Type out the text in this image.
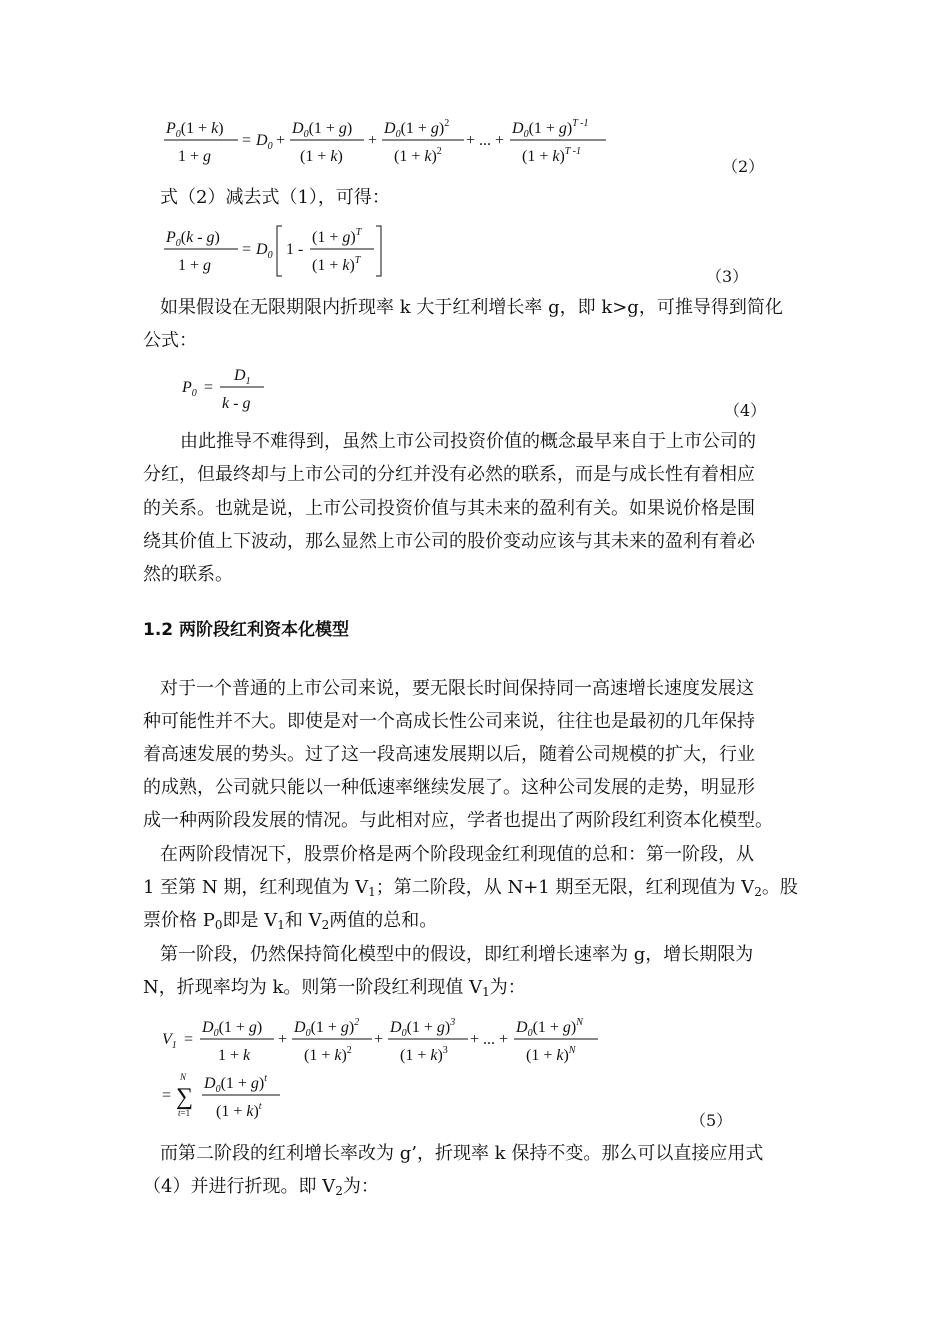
$P_0(1 + k)$
1 + g
= $D_0$ +
$D_0(1 + g)$
(1 + k)
+
$D_0(1 + g)^2$
$(1 + k)^2$
+ ... +
$D_0(1 + g)^{T -1}$
$(1 + k)^{T -1}$
（2）
式（2）减去式（1），可得：
$P_0(k - g)$
1 + g
= $D_0$ 1 -
$(1 + g)^T$
$(1 + k)^T$
（3）
如果假设在无限期限内折现率 k 大于红利增长率 g，即 k>g，可推导得到简化
公式：
$P_0$ =
$D_1$
k - g	（4）
由此推导不难得到，虽然上市公司投资价值的概念最早来自于上市公司的
分红，但最终却与上市公司的分红并没有必然的联系，而是与成长性有着相应
的关系。也就是说，上市公司投资价值与其未来的盈利有关。如果说价格是围
绕其价值上下波动，那么显然上市公司的股价变动应该与其未来的盈利有着必
然的联系。
1.2 两阶段红利资本化模型
对于一个普通的上市公司来说，要无限长时间保持同一高速增长速度发展这
种可能性并不大。即使是对一个高成长性公司来说，往往也是最初的几年保持
着高速发展的势头。过了这一段高速发展期以后，随着公司规模的扩大，行业
的成熟，公司就只能以一种低速率继续发展了。这种公司发展的走势，明显形
成一种两阶段发展的情况。与此相对应，学者也提出了两阶段红利资本化模型。
在两阶段情况下，股票价格是两个阶段现金红利现值的总和：第一阶段，从
1 至第 N 期，红利现值为 $V_1$；第二阶段，从 N+1 期至无限，红利现值为 $V_2$。股
票价格 $P_0$即是 $V_1$和 $V_2$两值的总和。
第一阶段，仍然保持简化模型中的假设，即红利增长速率为 g，增长期限为
N，折现率均为 k。则第一阶段红利现值 $V_1$为：
$V_1$ =
$D_0(1 + g)$
1 + k
+
$D_0(1 + g)^2$
$(1 + k)^2$
+
$D_0(1 + g)^3$
$(1 + k)^3$
+ ... +
$D_0(1 + g)^N$
$(1 + k)^N$
=
N
∑
t=1
$D_0(1 + g)^t$
$(1 + k)^t$
（5）
而第二阶段的红利增长率改为 g’，折现率 k 保持不变。那么可以直接应用式
（4）并进行折现。即 $V_2$为：
